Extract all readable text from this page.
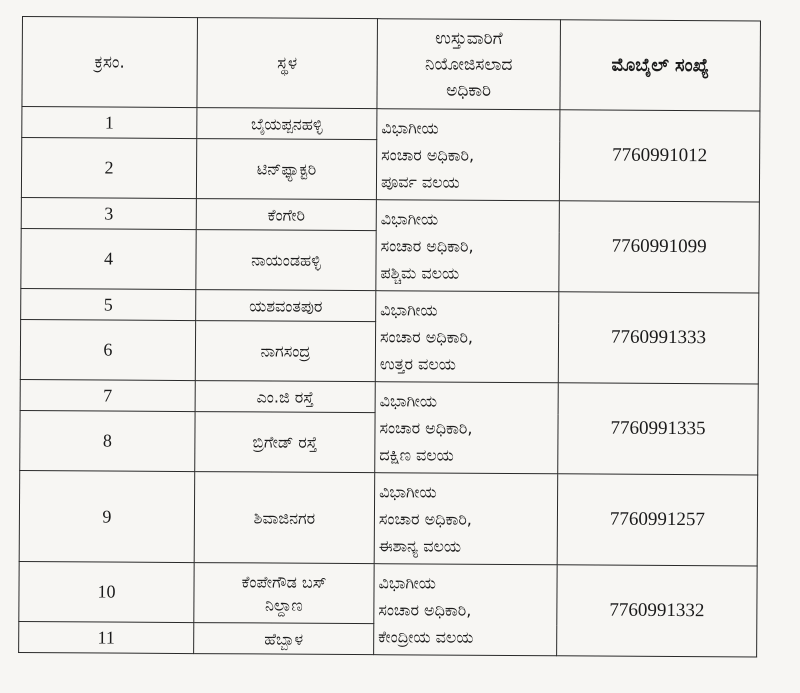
ಕ್ರಸಂ.	ಸ್ಥಳ	ಉಸ್ತುವಾರಿಗೆ
ನಿಯೋಜಿಸಲಾದ
ಅಧಿಕಾರಿ	ಮೊಬೈಲ್ ಸಂಖ್ಯೆ
1	ಬೈಯಪ್ಪನಹಳ್ಳಿ	ವಿಭಾಗೀಯ
ಸಂಚಾರ ಅಧಿಕಾರಿ,
ಪೂರ್ವ ವಲಯ	7760991012
2	ಟಿನ್‌ಫ್ಯಾಕ್ಟರಿ		
3	ಕೆಂಗೇರಿ	ವಿಭಾಗೀಯ
ಸಂಚಾರ ಅಧಿಕಾರಿ,
ಪಶ್ಚಿಮ ವಲಯ	7760991099
4	ನಾಯಂಡಹಳ್ಳಿ		
5	ಯಶವಂತಪುರ	ವಿಭಾಗೀಯ
ಸಂಚಾರ ಅಧಿಕಾರಿ,
ಉತ್ತರ ವಲಯ	7760991333
6	ನಾಗಸಂದ್ರ		
7	ಎಂ.ಜಿ ರಸ್ತೆ	ವಿಭಾಗೀಯ
ಸಂಚಾರ ಅಧಿಕಾರಿ,
ದಕ್ಷಿಣ ವಲಯ	7760991335
8	ಬ್ರಿಗೇಡ್ ರಸ್ತೆ		
9	ಶಿವಾಜಿನಗರ	ವಿಭಾಗೀಯ
ಸಂಚಾರ ಅಧಿಕಾರಿ,
ಈಶಾನ್ಯ ವಲಯ	7760991257
10	ಕೆಂಪೇಗೌಡ ಬಸ್
ನಿಲ್ದಾಣ	ವಿಭಾಗೀಯ
ಸಂಚಾರ ಅಧಿಕಾರಿ,
ಕೇಂದ್ರೀಯ ವಲಯ	7760991332
11	ಹೆಬ್ಬಾಳ		
